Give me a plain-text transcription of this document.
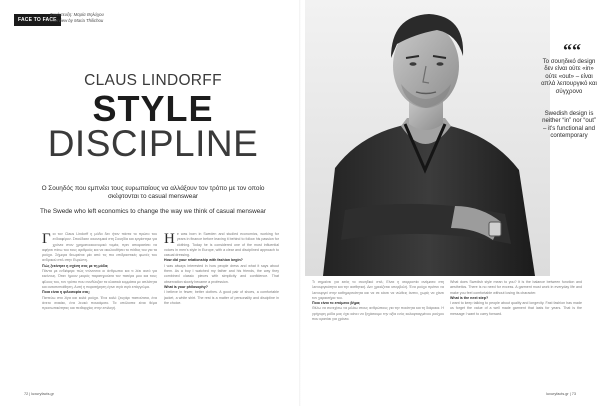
FACE TO FACE
Συνέντευξη: Μαρία Θηλύχου
Interview by Maria Thilichou
CLAUS LINDORFF
STYLE
DISCIPLINE
Ο Σουηδός που εμπνέει τους ευρωπαίους να αλλάξουν τον τρόπο με τον οποίο σκέφτονται το casual menswear
The Swede who left economics to change the way we think of casual menswear
Γ ια τον Claus Lindorff η μόδα δεν ήταν πάντα το πρώτο του ενδιαφέρον. Σπούδασε οικονομικά στη Σουηδία και εργάστηκε για χρόνια στον χρηματοοικονομικό τομέα, πριν αποφασίσει να αφήσει πίσω του τους αριθμούς και να ακολουθήσει το πάθος του για τα ρούχα. Σήμερα θεωρείται μία από τις πιο επιδραστικές φωνές του ανδρικού στιλ στην Ευρώπη.
Πώς ξεκίνησε η σχέση σας με τη μόδα;
Πάντα με ενδιέφερε πώς ντύνονται οι άνθρωποι και τι λέει αυτό για εκείνους. Όταν ήμουν μικρός παρατηρούσα τον πατέρα μου και τους φίλους του, τον τρόπο που συνδύαζαν τα κλασικά κομμάτια με απλότητα και αυτοπεποίθηση. Αυτή η παρατήρηση έγινε σιγά σιγά επάγγελμα.
Ποια είναι η φιλοσοφία σας;
Πιστεύω στα λίγα και καλά ρούχα. Ένα καλό ζευγάρι παπούτσια, ένα άνετο σακάκι, ένα λευκό πουκάμισο. Τα υπόλοιπα είναι θέμα προσωπικότητας και πειθαρχίας στην επιλογή.
H e was born in Sweden and studied economics, working for years in finance before leaving it behind to follow his passion for clothing. Today he is considered one of the most influential voices in men's style in Europe, with a clear and disciplined approach to casual dressing.
How did your relationship with fashion begin?
I was always interested in how people dress and what it says about them. As a boy I watched my father and his friends, the way they combined classic pieces with simplicity and confidence. That observation slowly became a profession.
What is your philosophy?
I believe in fewer, better clothes. A good pair of shoes, a comfortable jacket, a white shirt. The rest is a matter of personality and discipline in the choice.
72 | luxuryfacts.gr
““
Το σουηδικό design δεν είναι ούτε «in» ούτε «out» – είναι απλά λειτουργικό και σύγχρονο
Swedish design is neither “in” nor “out” – it's functional and contemporary
Τι σημαίνει για εσάς το σουηδικό στιλ; Είναι η ισορροπία ανάμεσα στη λειτουργικότητα και την αισθητική. Δεν χρειάζεται υπερβολή. Ένα ρούχο πρέπει να λειτουργεί στην καθημερινότητα και να σε κάνει να νιώθεις άνετα, χωρίς να χάνει τον χαρακτήρα του.
Ποιο είναι το επόμενο βήμα;
Θέλω να συνεχίσω να μιλάω στους ανθρώπους για την ποιότητα και τη διάρκεια. Η γρήγορη μόδα μας έχει κάνει να ξεχάσουμε την αξία ενός καλοφτιαγμένου ρούχου που κρατάει για χρόνια.
What does Swedish style mean to you? It is the balance between function and aesthetics. There is no need for excess. A garment must work in everyday life and make you feel comfortable without losing its character.
What is the next step?
I want to keep talking to people about quality and longevity. Fast fashion has made us forget the value of a well made garment that lasts for years. That is the message I want to carry forward.
luxuryfacts.gr | 73
